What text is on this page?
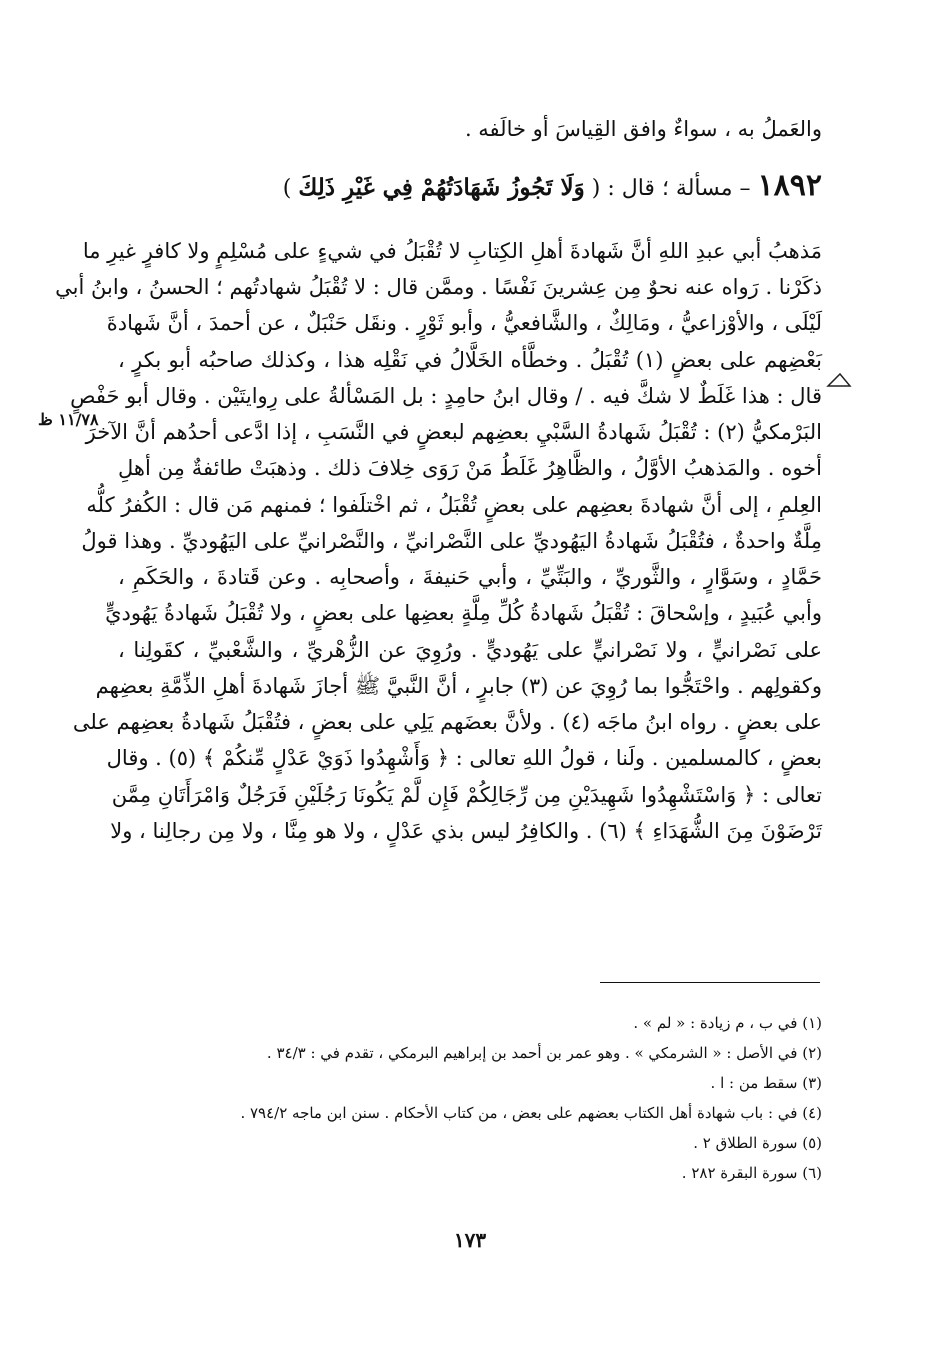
والعَملُ به ، سواءٌ وافق القِياسَ أو خالَفه .
١٨٩٢ – مسألة ؛ قال : ( وَلَا تَجُوزُ شَهَادَتُهُمْ فِي غَيْرِ ذَلِكَ )
مَذهبُ أبي عبدِ اللهِ أنَّ شَهادةَ أهلِ الكِتابِ لا تُقْبَلُ في شيءٍ على مُسْلِمٍ ولا كافرٍ غيرِ ما
ذكَرْنا . رَواه عنه نحوٌ مِن عِشرينَ نَفْسًا . وممَّن قال : لا تُقْبَلُ شهادتُهم ؛ الحسنُ ، وابنُ أبي
لَيْلَى ، والأوْزاعيُّ ، ومَالِكٌ ، والشَّافعيُّ ، وأبو ثَوْرٍ . ونقَل حَنْبَلٌ ، عن أحمدَ ، أنَّ شَهادةَ
بَعْضِهم على بعضٍ (١) تُقْبَلُ . وخطَّأه الخَلَّالُ في نَقْلِه هذا ، وكذلك صاحبُه أبو بكرٍ ،
قال : هذا غَلَطٌ لا شكَّ فيه . / وقال ابنُ حامِدٍ : بل المَسْألةُ على رِوايتَيْن . وقال أبو حَفْصٍ
البَرْمكيُّ (٢) : تُقْبَلُ شَهادةُ السَّبْيِ بعضِهم لبعضٍ في النَّسَبِ ، إذا ادَّعى أحدُهم أنَّ الآخرَ
أخوه . والمَذهبُ الأوَّلُ ، والظَّاهِرُ غَلَطُ مَنْ رَوَى خِلافَ ذلك . وذهبَتْ طائفةٌ مِن أهلِ
العِلمِ ، إلى أنَّ شهادةَ بعضِهم على بعضٍ تُقْبَلُ ، ثم اخْتلَفوا ؛ فمنهم مَن قال : الكُفرُ كلُّه
مِلَّةٌ واحدةٌ ، فتُقْبَلُ شَهادةُ اليَهُوديِّ على النَّصْرانيِّ ، والنَّصْرانيِّ على اليَهُوديِّ . وهذا قولُ
حَمَّادٍ ، وسَوَّارٍ ، والثَّوريِّ ، والبَتِّيِّ ، وأبي حَنيفةَ ، وأصحابِه . وعن قَتادةَ ، والحَكَمِ ،
وأبي عُبَيدٍ ، وإسْحاقَ : تُقْبَلُ شَهادةُ كُلِّ مِلَّةٍ بعضِها على بعضٍ ، ولا تُقْبَلُ شَهادةُ يَهُوديٍّ
على نَصْرانيٍّ ، ولا نَصْرانيٍّ على يَهُوديٍّ . ورُوِيَ عن الزُّهْريِّ ، والشَّعْبيِّ ، كقَولِنا ،
وكقولِهم . واحْتَجُّوا بما رُوِيَ عن (٣) جابرٍ ، أنَّ النَّبيَّ ﷺ أجازَ شَهادةَ أهلِ الذِّمَّةِ بعضِهم
على بعضٍ . رواه ابنُ ماجَه (٤) . ولأنَّ بعضَهم يَلِي على بعضٍ ، فتُقْبَلُ شَهادةُ بعضِهم على
بعضٍ ، كالمسلمين . ولَنا ، قولُ اللهِ تعالى : ﴿ وَأَشْهِدُوا ذَوَيْ عَدْلٍ مِّنكُمْ ﴾ (٥) . وقال
تعالى : ﴿ وَاسْتَشْهِدُوا شَهِيدَيْنِ مِن رِّجَالِكُمْ فَإِن لَّمْ يَكُونَا رَجُلَيْنِ فَرَجُلٌ وَامْرَأَتَانِ مِمَّن
تَرْضَوْنَ مِنَ الشُّهَدَاءِ ﴾ (٦) . والكافِرُ ليس بذي عَدْلٍ ، ولا هو مِنَّا ، ولا مِن رجالِنا ، ولا
١١/٧٨ ظ
(١) في ب ، م زيادة : « لم » .
(٢) في الأصل : « الشرمكي » . وهو عمر بن أحمد بن إبراهيم البرمكي ، تقدم في : ٣٤/٣ .
(٣) سقط من : ا .
(٤) في : باب شهادة أهل الكتاب بعضهم على بعض ، من كتاب الأحكام . سنن ابن ماجه ٧٩٤/٢ .
(٥) سورة الطلاق ٢ .
(٦) سورة البقرة ٢٨٢ .
١٧٣
